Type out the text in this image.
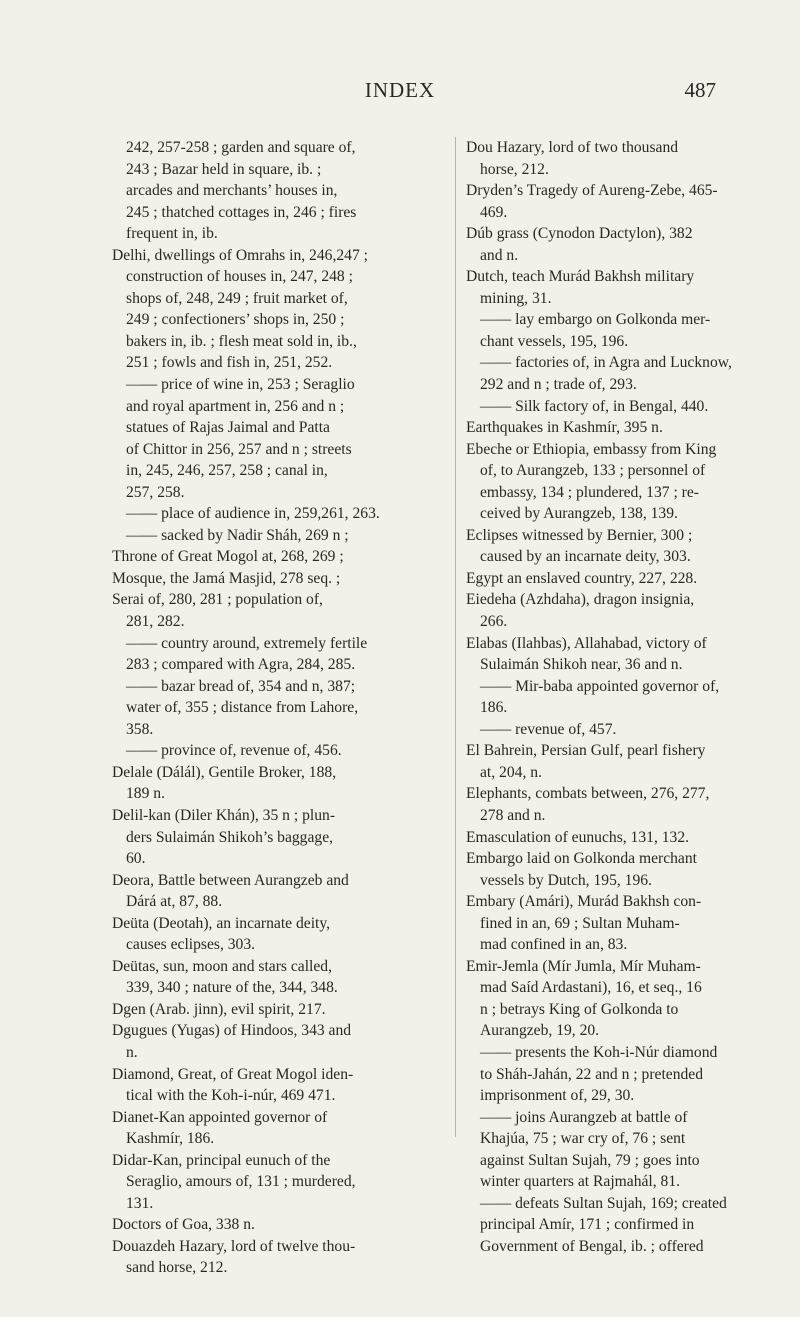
INDEX	487
242, 257-258 ; garden and square of,
243 ; Bazar held in square, ib. ;
arcades and merchants’ houses in,
245 ; thatched cottages in, 246 ; fires
frequent in, ib.
Delhi, dwellings of Omrahs in, 246,247 ;
construction of houses in, 247, 248 ;
shops of, 248, 249 ; fruit market of,
249 ; confectioners’ shops in, 250 ;
bakers in, ib. ; flesh meat sold in, ib.,
251 ; fowls and fish in, 251, 252.
—— price of wine in, 253 ; Seraglio
and royal apartment in, 256 and n ;
statues of Rajas Jaimal and Patta
of Chittor in 256, 257 and n ; streets
in, 245, 246, 257, 258 ; canal in,
257, 258.
—— place of audience in, 259,261, 263.
—— sacked by Nadir Sháh, 269 n ;
Throne of Great Mogol at, 268, 269 ;
Mosque, the Jamá Masjid, 278 seq. ;
Serai of, 280, 281 ; population of,
281, 282.
—— country around, extremely fertile
283 ; compared with Agra, 284, 285.
—— bazar bread of, 354 and n, 387;
water of, 355 ; distance from Lahore,
358.
—— province of, revenue of, 456.
Delale (Dálál), Gentile Broker, 188,
189 n.
Delil-kan (Diler Khán), 35 n ; plun-
ders Sulaimán Shikoh’s baggage,
60.
Deora, Battle between Aurangzeb and
Dárá at, 87, 88.
Deüta (Deotah), an incarnate deity,
causes eclipses, 303.
Deütas, sun, moon and stars called,
339, 340 ; nature of the, 344, 348.
Dgen (Arab. jinn), evil spirit, 217.
Dgugues (Yugas) of Hindoos, 343 and
n.
Diamond, Great, of Great Mogol iden-
tical with the Koh-i-núr, 469 471.
Dianet-Kan appointed governor of
Kashmír, 186.
Didar-Kan, principal eunuch of the
Seraglio, amours of, 131 ; murdered,
131.
Doctors of Goa, 338 n.
Douazdeh Hazary, lord of twelve thou-
sand horse, 212.
Dou Hazary, lord of two thousand
horse, 212.
Dryden’s Tragedy of Aureng-Zebe, 465-
469.
Dúb grass (Cynodon Dactylon), 382
and n.
Dutch, teach Murád Bakhsh military
mining, 31.
—— lay embargo on Golkonda mer-
chant vessels, 195, 196.
—— factories of, in Agra and Lucknow,
292 and n ; trade of, 293.
—— Silk factory of, in Bengal, 440.
Earthquakes in Kashmír, 395 n.
Ebeche or Ethiopia, embassy from King
of, to Aurangzeb, 133 ; personnel of
embassy, 134 ; plundered, 137 ; re-
ceived by Aurangzeb, 138, 139.
Eclipses witnessed by Bernier, 300 ;
caused by an incarnate deity, 303.
Egypt an enslaved country, 227, 228.
Eiedeha (Azhdaha), dragon insignia,
266.
Elabas (Ilahbas), Allahabad, victory of
Sulaimán Shikoh near, 36 and n.
—— Mir-baba appointed governor of,
186.
—— revenue of, 457.
El Bahrein, Persian Gulf, pearl fishery
at, 204, n.
Elephants, combats between, 276, 277,
278 and n.
Emasculation of eunuchs, 131, 132.
Embargo laid on Golkonda merchant
vessels by Dutch, 195, 196.
Embary (Amári), Murád Bakhsh con-
fined in an, 69 ; Sultan Muham-
mad confined in an, 83.
Emir-Jemla (Mír Jumla, Mír Muham-
mad Saíd Ardastani), 16, et seq., 16
n ; betrays King of Golkonda to
Aurangzeb, 19, 20.
—— presents the Koh-i-Núr diamond
to Sháh-Jahán, 22 and n ; pretended
imprisonment of, 29, 30.
—— joins Aurangzeb at battle of
Khajúa, 75 ; war cry of, 76 ; sent
against Sultan Sujah, 79 ; goes into
winter quarters at Rajmahál, 81.
—— defeats Sultan Sujah, 169; created
principal Amír, 171 ; confirmed in
Government of Bengal, ib. ; offered
